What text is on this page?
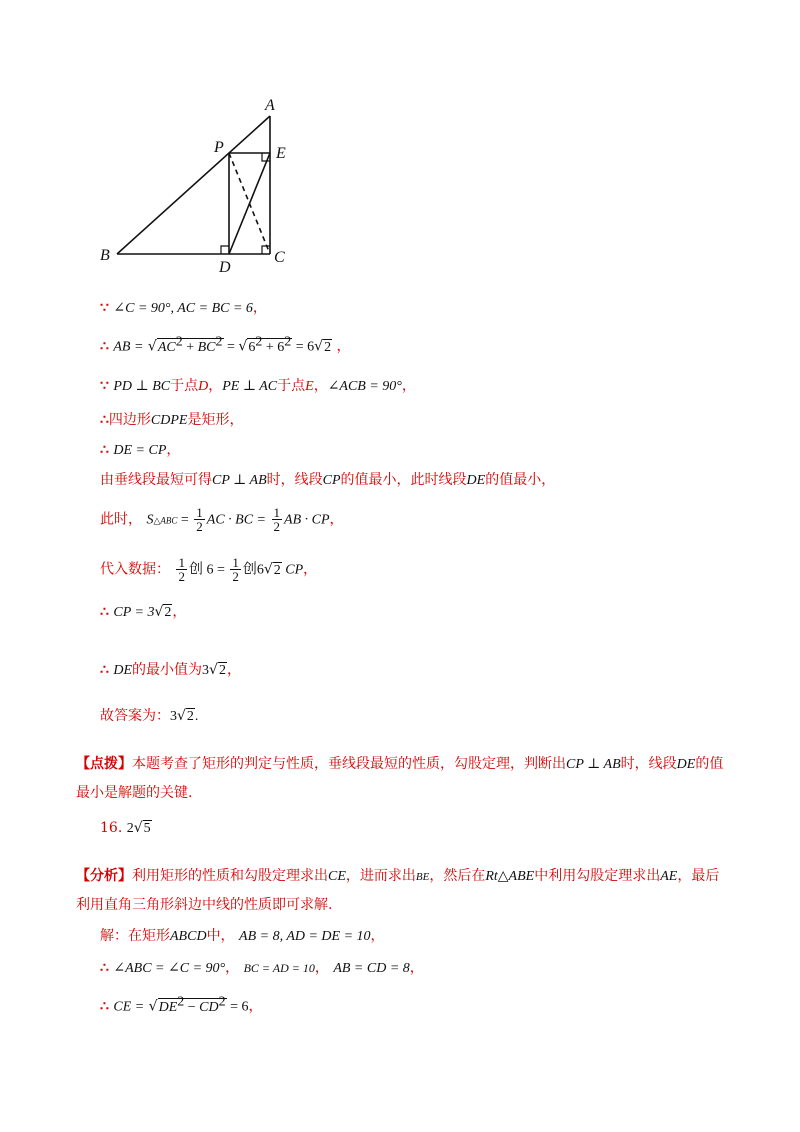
A
P	E
B
D
C
∵ ∠C = 90°, AC = BC = 6，
∴ AB = $√AC^2 + BC^2 = √6^2 + 6^2 = 6√2$ ，
∵ PD ⊥ BC于点D，PE ⊥ AC于点E，∠ACB = 90°，
∴四边形CDPE是矩形，
∴ DE = CP，
由垂线段最短可得CP ⊥ AB时，线段CP的值最小，此时线段DE的值最小，
此时， S△ABC = $\frac{1}{2}$ AC · BC = $\frac{1}{2}$ AB · CP，
代入数据： $\frac{1}{2}$ 创 $6 = \frac{1}{2}$ 创6√2 CP，
∴ CP = 3√2，
∴ DE的最小值为3√2，
故答案为：3√2.
【点拨】本题考查了矩形的判定与性质，垂线段最短的性质，勾股定理，判断出CP ⊥ AB时，线段DE的值最小是解题的关键.
16. 2√5
【分析】利用矩形的性质和勾股定理求出CE，进而求出BE，然后在Rt△ABE中利用勾股定理求出AE，最后利用直角三角形斜边中线的性质即可求解.
解：在矩形ABCD中， AB = 8, AD = DE = 10，
∴ ∠ABC = ∠C = 90°， BC = AD = 10， AB = CD = 8，
∴ CE = $√DE^2 - CD^2 = 6$，
